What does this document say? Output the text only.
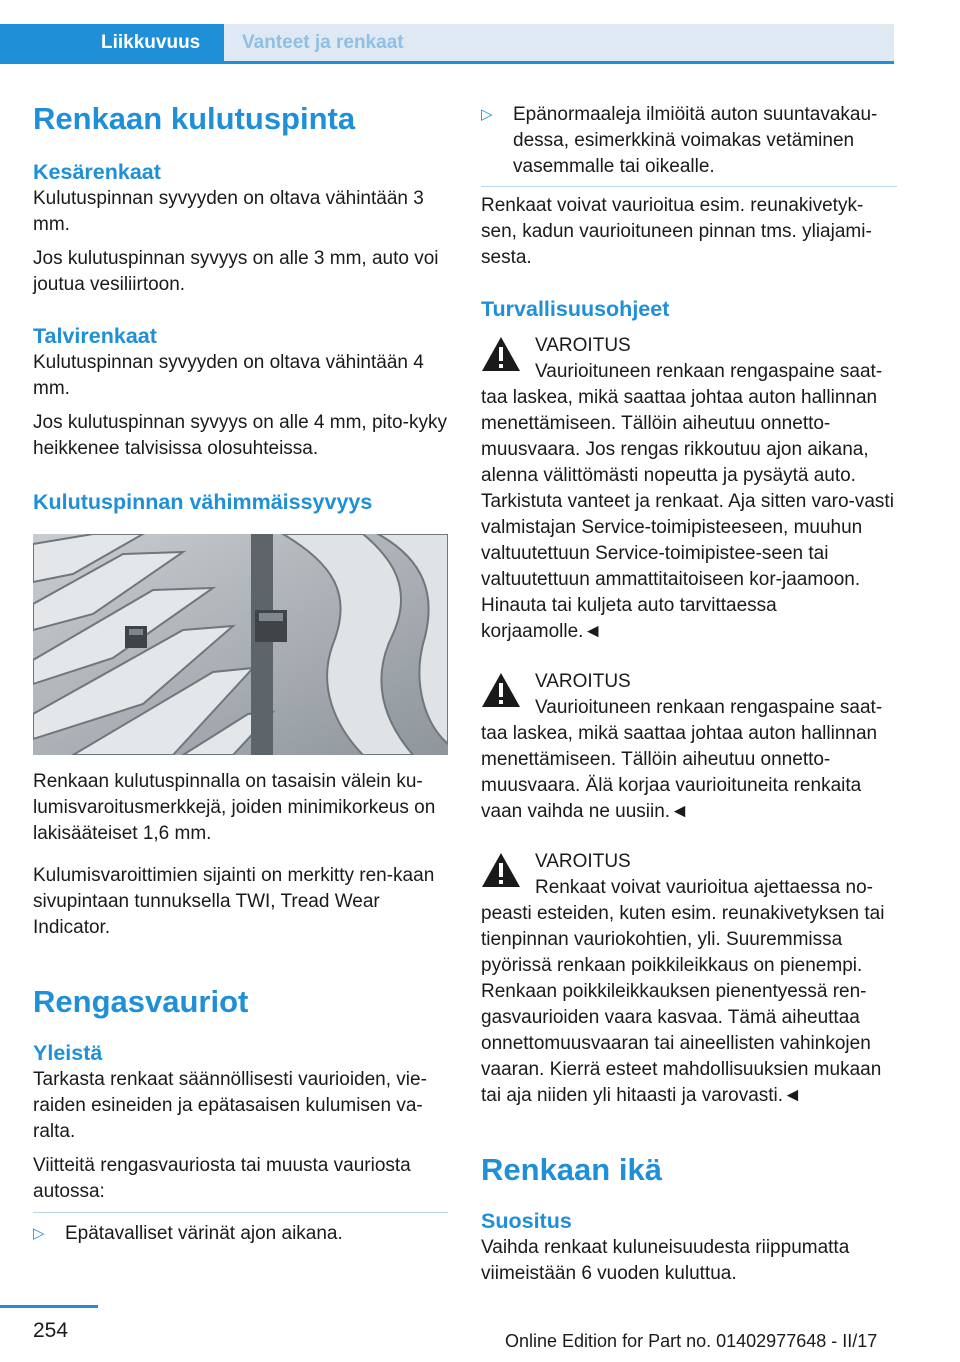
Liikkuvuus	Vanteet ja renkaat
Renkaan kulutuspinta
Kesärenkaat

Kulutuspinnan syvyyden on oltava vähintään 3 mm.

Jos kulutuspinnan syvyys on alle 3 mm, auto voi joutua vesiliirtoon.

Talvirenkaat

Kulutuspinnan syvyyden on oltava vähintään 4 mm.

Jos kulutuspinnan syvyys on alle 4 mm, pito-kyky heikkenee talvisissa olosuhteissa.

Kulutuspinnan vähimmäissyvyys

Renkaan kulutuspinnalla on tasaisin välein ku-lumisvaroitusmerkkejä, joiden minimikorkeus on lakisääteiset 1,6 mm.

Kulumisvaroittimien sijainti on merkitty ren-kaan sivupintaan tunnuksella TWI, Tread Wear Indicator.

Rengasvauriot
Yleistä

Tarkasta renkaat säännöllisesti vaurioiden, vie-raiden esineiden ja epätasaisen kulumisen va-ralta.

Viitteitä rengasvauriosta tai muusta vauriosta autossa:

▷ Epätavalliset värinät ajon aikana.
▷ Epänormaaleja ilmiöitä auton suuntavakau-dessa, esimerkkinä voimakas vetäminen vasemmalle tai oikealle.

Renkaat voivat vaurioitua esim. reunakivetyk-sen, kadun vaurioituneen pinnan tms. yliajami-sesta.

Turvallisuusohjeet

VAROITUS

Vaurioituneen renkaan rengaspaine saat-

taa laskea, mikä saattaa johtaa auton hallinnan menettämiseen. Tällöin aiheutuu onnetto-muusvaara. Jos rengas rikkoutuu ajon aikana, alenna välittömästi nopeutta ja pysäytä auto. Tarkistuta vanteet ja renkaat. Aja sitten varo-vasti valmistajan Service-toimipisteeseen, muuhun valtuutettuun Service-toimipistee-seen tai valtuutettuun ammattitaitoiseen kor-jaamoon. Hinauta tai kuljeta auto tarvittaessa korjaamolle.◄

VAROITUS

Vaurioituneen renkaan rengaspaine saat-

taa laskea, mikä saattaa johtaa auton hallinnan menettämiseen. Tällöin aiheutuu onnetto-muusvaara. Älä korjaa vaurioituneita renkaita vaan vaihda ne uusiin.◄

VAROITUS

Renkaat voivat vaurioitua ajettaessa no-

peasti esteiden, kuten esim. reunakivetyksen tai tienpinnan vauriokohtien, yli. Suuremmissa pyörissä renkaan poikkileikkaus on pienempi. Renkaan poikkileikkauksen pienentyessä ren-gasvaurioiden vaara kasvaa. Tämä aiheuttaa onnettomuusvaaran tai aineellisten vahinkojen vaaran. Kierrä esteet mahdollisuuksien mukaan tai aja niiden yli hitaasti ja varovasti.◄

Renkaan ikä
Suositus

Vaihda renkaat kuluneisuudesta riippumatta viimeistään 6 vuoden kuluttua.

254	Online Edition for Part no. 01402977648 - II/17
